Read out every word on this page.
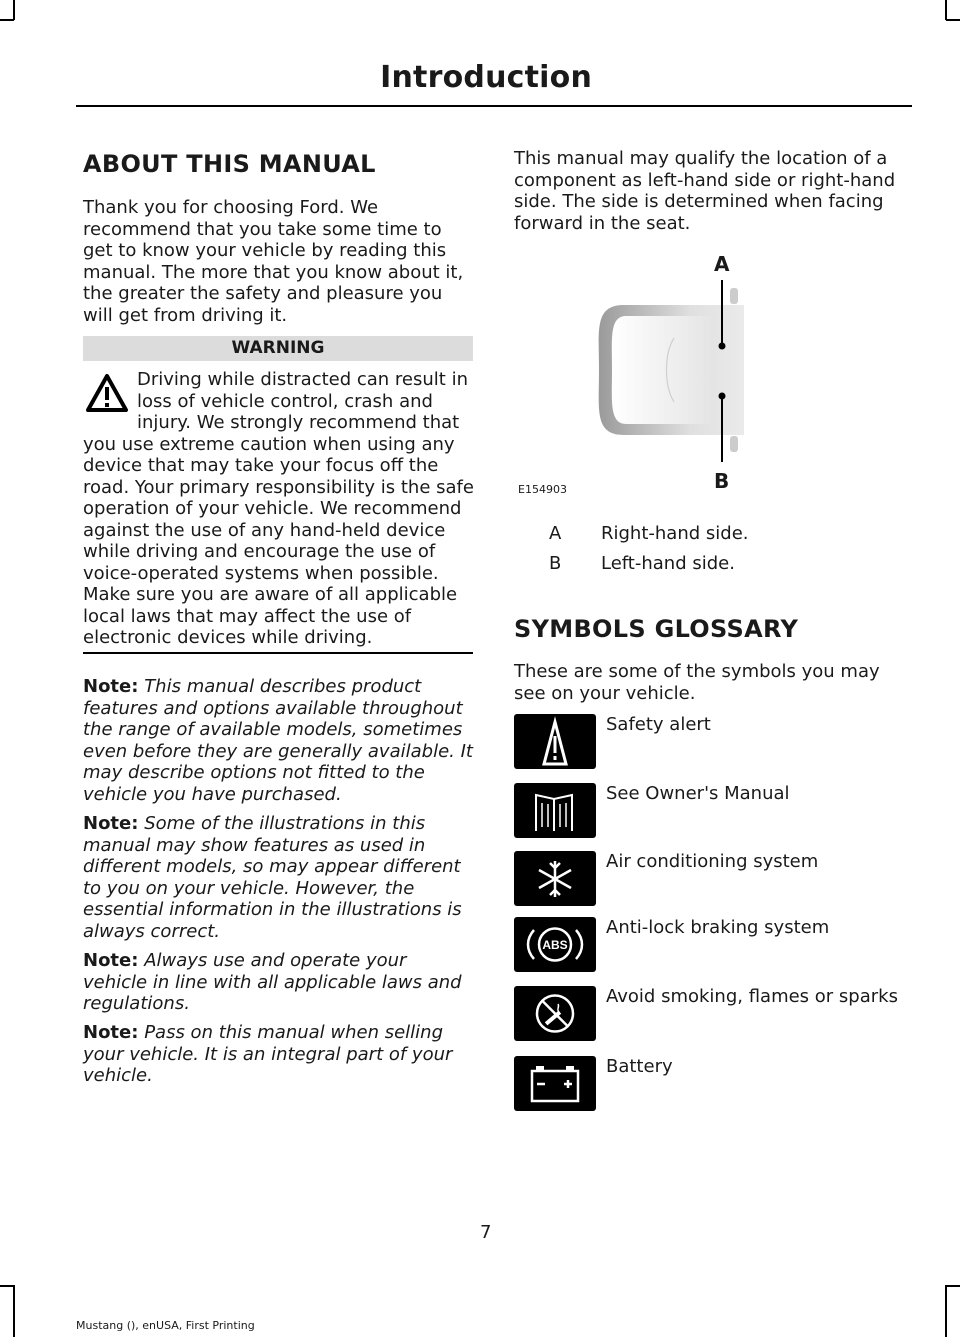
Introduction
ABOUT THIS MANUAL

Thank you for choosing Ford. We recommend that you take some time to get to know your vehicle by reading this manual. The more that you know about it, the greater the safety and pleasure you will get from driving it.

WARNING
Driving while distracted can result in loss of vehicle control, crash and injury. We strongly recommend that you use extreme caution when using any device that may take your focus off the road. Your primary responsibility is the safe operation of your vehicle. We recommend against the use of any hand-held device while driving and encourage the use of voice-operated systems when possible. Make sure you are aware of all applicable local laws that may affect the use of electronic devices while driving.
Note: This manual describes product features and options available throughout the range of available models, sometimes even before they are generally available. It may describe options not fitted to the vehicle you have purchased.
Note: Some of the illustrations in this manual may show features as used in different models, so may appear different to you on your vehicle. However, the essential information in the illustrations is always correct.
Note: Always use and operate your vehicle in line with all applicable laws and regulations.
Note: Pass on this manual when selling your vehicle. It is an integral part of your vehicle.

This manual may qualify the location of a component as left-hand side or right-hand side. The side is determined when facing forward in the seat.

A
B
E154903
A Right-hand side.
B Left-hand side.
SYMBOLS GLOSSARY

These are some of the symbols you may see on your vehicle.

Safety alert
See Owner's Manual
Air conditioning system
ABS
Anti-lock braking system
Avoid smoking, flames or sparks
Battery
7
Mustang (), enUSA, First Printing
